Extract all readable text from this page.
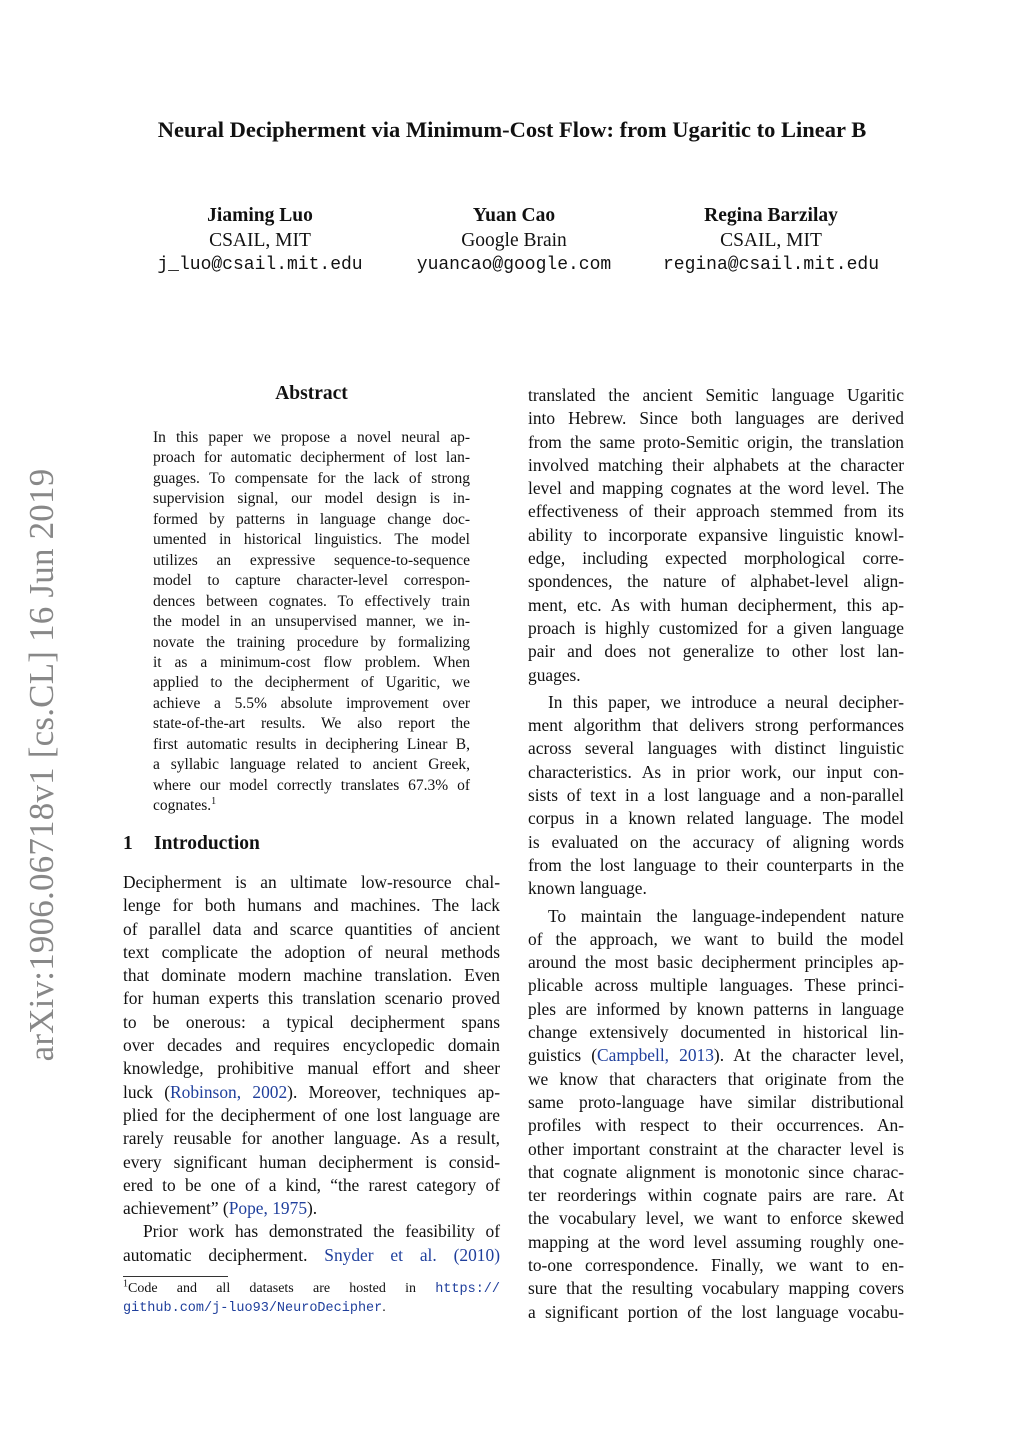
arXiv:1906.06718v1 [cs.CL] 16 Jun 2019
Neural Decipherment via Minimum-Cost Flow: from Ugaritic to Linear B
Jiaming Luo
CSAIL, MIT
j_luo@csail.mit.edu
Yuan Cao
Google Brain
yuancao@google.com
Regina Barzilay
CSAIL, MIT
regina@csail.mit.edu
Abstract
In this paper we propose a novel neural ap-
proach for automatic decipherment of lost lan-
guages. To compensate for the lack of strong
supervision signal, our model design is in-
formed by patterns in language change doc-
umented in historical linguistics. The model
utilizes an expressive sequence-to-sequence
model to capture character-level correspon-
dences between cognates. To effectively train
the model in an unsupervised manner, we in-
novate the training procedure by formalizing
it as a minimum-cost flow problem. When
applied to the decipherment of Ugaritic, we
achieve a 5.5% absolute improvement over
state-of-the-art results. We also report the
first automatic results in deciphering Linear B,
a syllabic language related to ancient Greek,
where our model correctly translates 67.3% of
cognates.$^1$
1 Introduction
Decipherment is an ultimate low-resource chal-
lenge for both humans and machines. The lack
of parallel data and scarce quantities of ancient
text complicate the adoption of neural methods
that dominate modern machine translation. Even
for human experts this translation scenario proved
to be onerous: a typical decipherment spans
over decades and requires encyclopedic domain
knowledge, prohibitive manual effort and sheer
luck (Robinson, 2002). Moreover, techniques ap-
plied for the decipherment of one lost language are
rarely reusable for another language. As a result,
every significant human decipherment is consid-
ered to be one of a kind, “the rarest category of
achievement” (Pope, 1975).
Prior work has demonstrated the feasibility of
automatic decipherment. Snyder et al. (2010)
$^1$Code and all datasets are hosted in https://
github.com/j-luo93/NeuroDecipher.
translated the ancient Semitic language Ugaritic
into Hebrew. Since both languages are derived
from the same proto-Semitic origin, the translation
involved matching their alphabets at the character
level and mapping cognates at the word level. The
effectiveness of their approach stemmed from its
ability to incorporate expansive linguistic knowl-
edge, including expected morphological corre-
spondences, the nature of alphabet-level align-
ment, etc. As with human decipherment, this ap-
proach is highly customized for a given language
pair and does not generalize to other lost lan-
guages.
In this paper, we introduce a neural decipher-
ment algorithm that delivers strong performances
across several languages with distinct linguistic
characteristics. As in prior work, our input con-
sists of text in a lost language and a non-parallel
corpus in a known related language. The model
is evaluated on the accuracy of aligning words
from the lost language to their counterparts in the
known language.
To maintain the language-independent nature
of the approach, we want to build the model
around the most basic decipherment principles ap-
plicable across multiple languages. These princi-
ples are informed by known patterns in language
change extensively documented in historical lin-
guistics (Campbell, 2013). At the character level,
we know that characters that originate from the
same proto-language have similar distributional
profiles with respect to their occurrences. An-
other important constraint at the character level is
that cognate alignment is monotonic since charac-
ter reorderings within cognate pairs are rare. At
the vocabulary level, we want to enforce skewed
mapping at the word level assuming roughly one-
to-one correspondence. Finally, we want to en-
sure that the resulting vocabulary mapping covers
a significant portion of the lost language vocabu-
